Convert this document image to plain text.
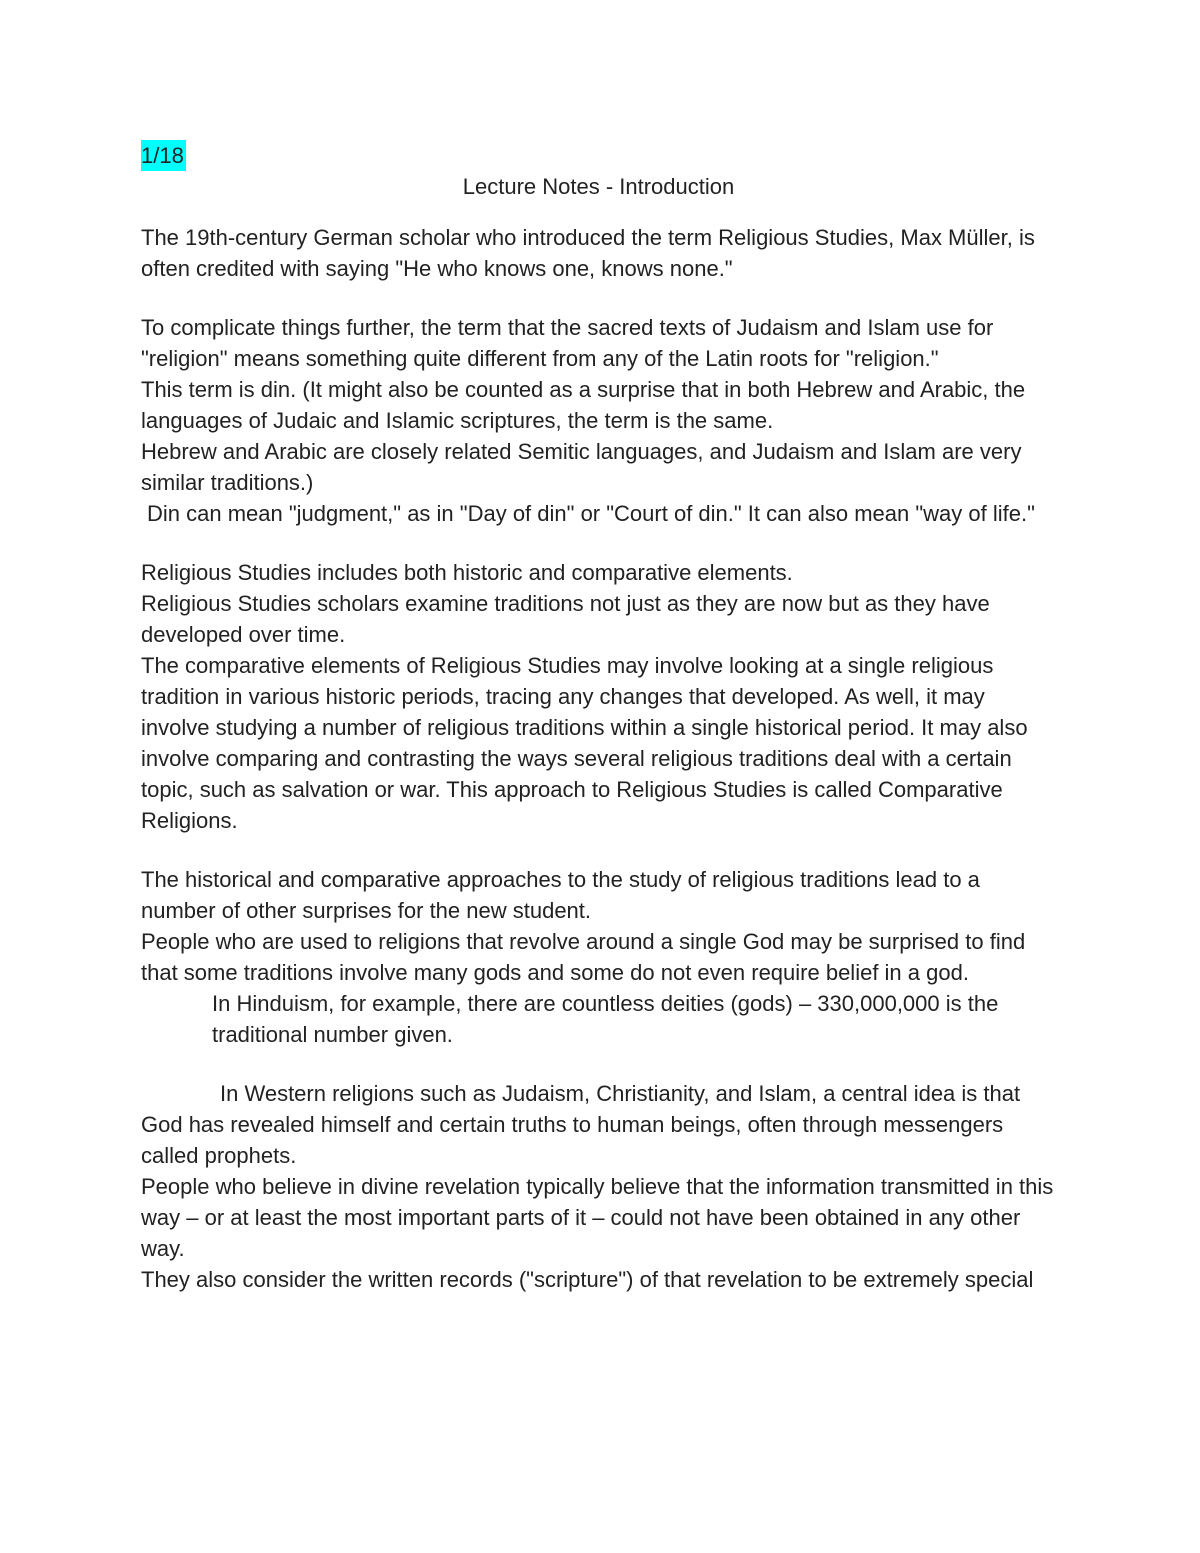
1/18

Lecture Notes - Introduction

The 19th-century German scholar who introduced the term Religious Studies, Max Müller, is often credited with saying "He who knows one, knows none."

To complicate things further, the term that the sacred texts of Judaism and Islam use for "religion" means something quite different from any of the Latin roots for "religion."

This term is din. (It might also be counted as a surprise that in both Hebrew and Arabic, the languages of Judaic and Islamic scriptures, the term is the same.

Hebrew and Arabic are closely related Semitic languages, and Judaism and Islam are very similar traditions.)

Din can mean "judgment," as in "Day of din" or "Court of din." It can also mean "way of life."

Religious Studies includes both historic and comparative elements.

Religious Studies scholars examine traditions not just as they are now but as they have developed over time.

The comparative elements of Religious Studies may involve looking at a single religious tradition in various historic periods, tracing any changes that developed. As well, it may involve studying a number of religious traditions within a single historical period. It may also involve comparing and contrasting the ways several religious traditions deal with a certain topic, such as salvation or war. This approach to Religious Studies is called Comparative Religions.

The historical and comparative approaches to the study of religious traditions lead to a number of other surprises for the new student.

People who are used to religions that revolve around a single God may be surprised to find that some traditions involve many gods and some do not even require belief in a god.

In Hinduism, for example, there are countless deities (gods) – 330,000,000 is the traditional number given.

In Western religions such as Judaism, Christianity, and Islam, a central idea is that God has revealed himself and certain truths to human beings, often through messengers called prophets.

People who believe in divine revelation typically believe that the information transmitted in this way – or at least the most important parts of it – could not have been obtained in any other way.

They also consider the written records ("scripture") of that revelation to be extremely special
